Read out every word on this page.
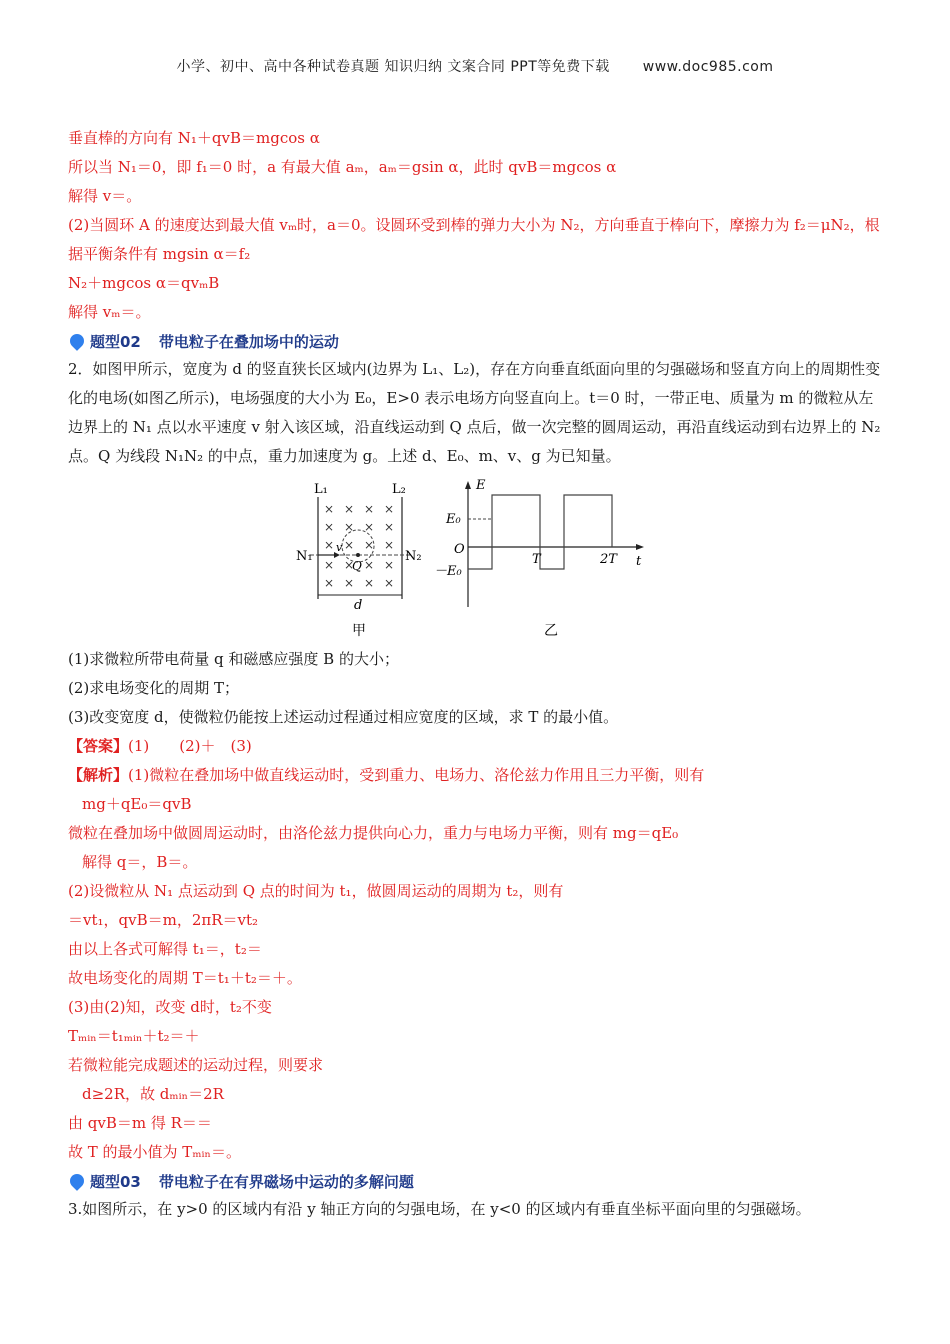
小学、初中、高中各种试卷真题 知识归纳 文案合同 PPT等免费下载 www.doc985.com
垂直棒的方向有 N₁＋qvB＝mgcos α
所以当 N₁＝0，即 f₁＝0 时，a 有最大值 aₘ，aₘ＝gsin α，此时 qvB＝mgcos α
解得 v＝。
(2)当圆环 A 的速度达到最大值 vₘ时，a＝0。设圆环受到棒的弹力大小为 N₂，方向垂直于棒向下，摩擦力为 f₂＝μN₂，根据平衡条件有 mgsin α＝f₂
N₂＋mgcos α＝qvₘB
解得 vₘ＝。
题型02 带电粒子在叠加场中的运动
2．如图甲所示，宽度为 d 的竖直狭长区域内(边界为 L₁、L₂)，存在方向垂直纸面向里的匀强磁场和竖直方向上的周期性变化的电场(如图乙所示)，电场强度的大小为 E₀，E>0 表示电场方向竖直向上。t＝0 时，一带正电、质量为 m 的微粒从左边界上的 N₁ 点以水平速度 v 射入该区域，沿直线运动到 Q 点后，做一次完整的圆周运动，再沿直线运动到右边界上的 N₂ 点。Q 为线段 N₁N₂ 的中点，重力加速度为 g。上述 d、E₀、m、v、g 为已知量。
L₁	L₂
× × × ×
× × × ×
× × × ×
× × × ×
× × × ×
v
Q
N₁	N₂
d
甲
E
t
O
E₀
－E₀
T	2T
乙
(1)求微粒所带电荷量 q 和磁感应强度 B 的大小；
(2)求电场变化的周期 T；
(3)改变宽度 d，使微粒仍能按上述运动过程通过相应宽度的区域，求 T 的最小值。
【答案】(1)　　(2)＋　(3)
【解析】(1)微粒在叠加场中做直线运动时，受到重力、电场力、洛伦兹力作用且三力平衡，则有
mg＋qE₀＝qvB
微粒在叠加场中做圆周运动时，由洛伦兹力提供向心力，重力与电场力平衡，则有 mg＝qE₀
解得 q＝，B＝。
(2)设微粒从 N₁ 点运动到 Q 点的时间为 t₁，做圆周运动的周期为 t₂，则有
＝vt₁，qvB＝m，2πR＝vt₂
由以上各式可解得 t₁＝，t₂＝
故电场变化的周期 T＝t₁＋t₂＝＋。
(3)由(2)知，改变 d时，t₂不变
Tₘᵢₙ＝t₁ₘᵢₙ＋t₂＝＋
若微粒能完成题述的运动过程，则要求
d≥2R，故 dₘᵢₙ＝2R
由 qvB＝m 得 R＝＝
故 T 的最小值为 Tₘᵢₙ＝。
题型03 带电粒子在有界磁场中运动的多解问题
3.如图所示，在 y>0 的区域内有沿 y 轴正方向的匀强电场，在 y<0 的区域内有垂直坐标平面向里的匀强磁场。
